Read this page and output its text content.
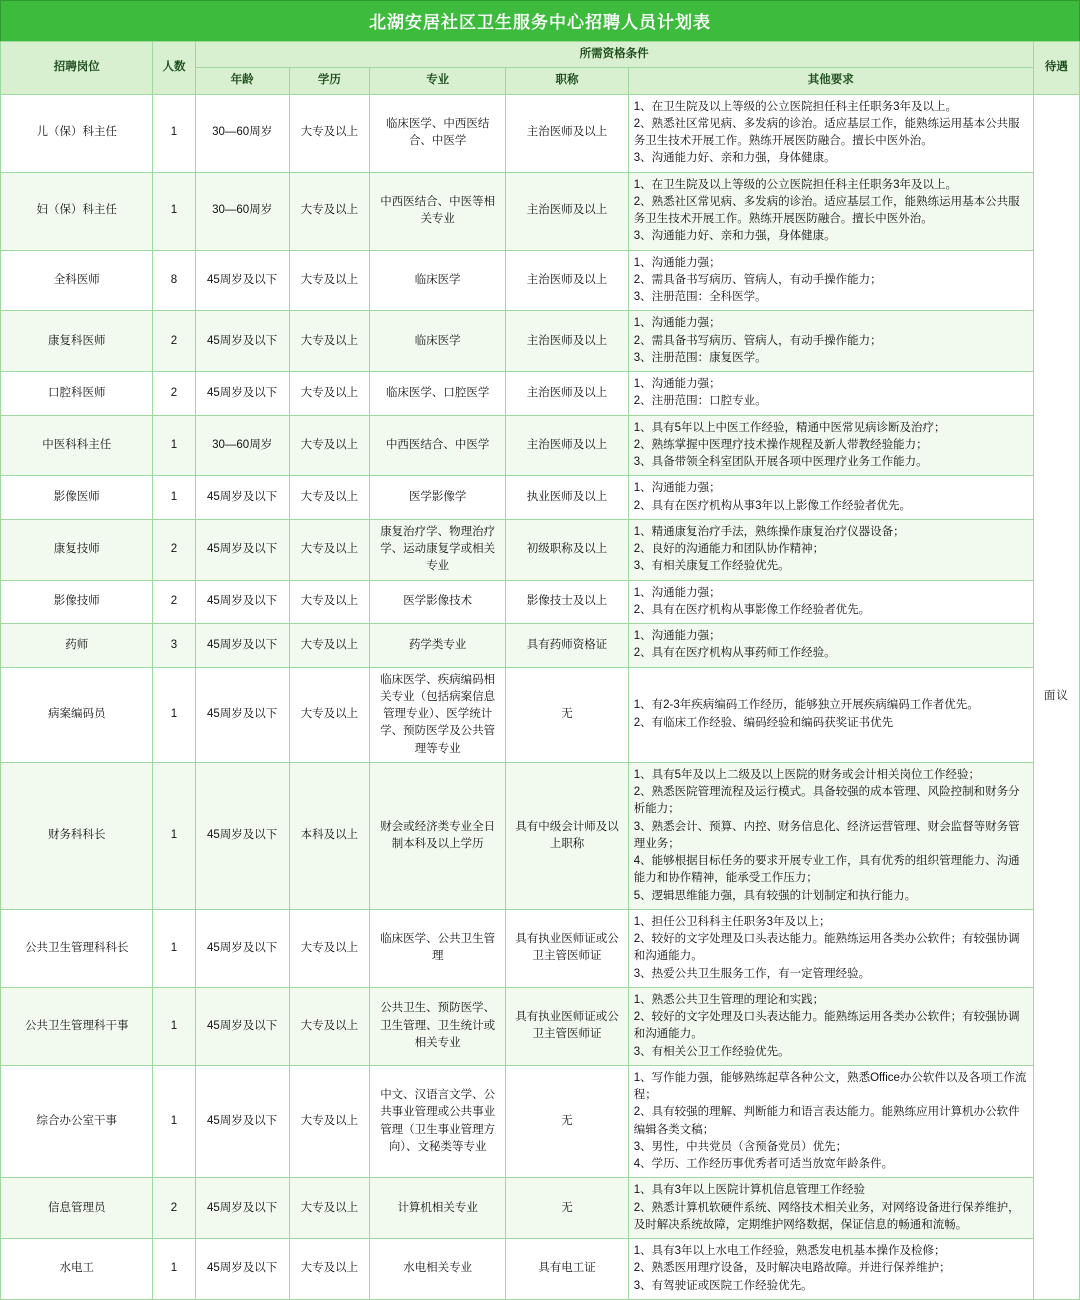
北湖安居社区卫生服务中心招聘人员计划表
招聘岗位	人数	所需资格条件					待遇
		年龄	学历	专业	职称	其他要求	
儿（保）科主任	1	30—60周岁	大专及以上	临床医学、中西医结合、中医学	主治医师及以上	1、在卫生院及以上等级的公立医院担任科主任职务3年及以上。
2、熟悉社区常见病、多发病的诊治。适应基层工作，能熟练运用基本公共服务卫生技术开展工作。熟练开展医防融合。擅长中医外治。
3、沟通能力好、亲和力强，身体健康。	面议
妇（保）科主任	1	30—60周岁	大专及以上	中西医结合、中医等相关专业	主治医师及以上	1、在卫生院及以上等级的公立医院担任科主任职务3年及以上。
2、熟悉社区常见病、多发病的诊治。适应基层工作，能熟练运用基本公共服务卫生技术开展工作。熟练开展医防融合。擅长中医外治。
3、沟通能力好、亲和力强，身体健康。	

全科医师	8	45周岁及以下	大专及以上	临床医学	主治医师及以上	1、沟通能力强；
2、需具备书写病历、管病人，有动手操作能力；
3、注册范围：全科医学。	

康复科医师	2	45周岁及以下	大专及以上	临床医学	主治医师及以上	1、沟通能力强；
2、需具备书写病历、管病人，有动手操作能力；
3、注册范围：康复医学。	

口腔科医师	2	45周岁及以下	大专及以上	临床医学、口腔医学	主治医师及以上	1、沟通能力强；
2、注册范围：口腔专业。	

中医科科主任	1	30—60周岁	大专及以上	中西医结合、中医学	主治医师及以上	1、具有5年以上中医工作经验，精通中医常见病诊断及治疗；
2、熟练掌握中医理疗技术操作规程及新人带教经验能力；
3、具备带领全科室团队开展各项中医理疗业务工作能力。	

影像医师	1	45周岁及以下	大专及以上	医学影像学	执业医师及以上	1、沟通能力强；
2、具有在医疗机构从事3年以上影像工作经验者优先。	

康复技师	2	45周岁及以下	大专及以上	康复治疗学、物理治疗学、运动康复学或相关专业	初级职称及以上	1、精通康复治疗手法，熟练操作康复治疗仪器设备；
2、良好的沟通能力和团队协作精神；
3、有相关康复工作经验优先。	

影像技师	2	45周岁及以下	大专及以上	医学影像技术	影像技士及以上	1、沟通能力强；
2、具有在医疗机构从事影像工作经验者优先。	

药师	3	45周岁及以下	大专及以上	药学类专业	具有药师资格证	1、沟通能力强；
2、具有在医疗机构从事药师工作经验。	

病案编码员	1	45周岁及以下	大专及以上	临床医学、疾病编码相关专业（包括病案信息管理专业）、医学统计学、预防医学及公共管理等专业	无	1、有2-3年疾病编码工作经历，能够独立开展疾病编码工作者优先。
2、有临床工作经验、编码经验和编码获奖证书优先	

财务科科长	1	45周岁及以下	本科及以上	财会或经济类专业全日制本科及以上学历	具有中级会计师及以上职称	1、具有5年及以上二级及以上医院的财务或会计相关岗位工作经验；
2、熟悉医院管理流程及运行模式。具备较强的成本管理、风险控制和财务分析能力；
3、熟悉会计、预算、内控、财务信息化、经济运营管理、财会监督等财务管理业务；
4、能够根据目标任务的要求开展专业工作，具有优秀的组织管理能力、沟通能力和协作精神，能承受工作压力；
5、逻辑思维能力强，具有较强的计划制定和执行能力。	

公共卫生管理科科长	1	45周岁及以下	大专及以上	临床医学、公共卫生管理	具有执业医师证或公卫主管医师证	1、担任公卫科科主任职务3年及以上；
2、较好的文字处理及口头表达能力。能熟练运用各类办公软件；有较强协调和沟通能力。
3、热爱公共卫生服务工作，有一定管理经验。	

公共卫生管理科干事	1	45周岁及以下	大专及以上	公共卫生、预防医学、卫生管理、卫生统计或相关专业	具有执业医师证或公卫主管医师证	1、熟悉公共卫生管理的理论和实践；
2、较好的文字处理及口头表达能力。能熟练运用各类办公软件；有较强协调和沟通能力。
3、有相关公卫工作经验优先。	

综合办公室干事	1	45周岁及以下	大专及以上	中文、汉语言文学、公共事业管理或公共事业管理（卫生事业管理方向）、文秘类等专业	无	1、写作能力强，能够熟练起草各种公文，熟悉Office办公软件以及各项工作流程；
2、具有较强的理解、判断能力和语言表达能力。能熟练应用计算机办公软件编辑各类文稿；
3、男性，中共党员（含预备党员）优先；
4、学历、工作经历事优秀者可适当放宽年龄条件。	

信息管理员	2	45周岁及以下	大专及以上	计算机相关专业	无	1、具有3年以上医院计算机信息管理工作经验
2、熟悉计算机软硬件系统、网络技术相关业务，对网络设备进行保养维护，及时解决系统故障，定期维护网络数据，保证信息的畅通和流畅。	

水电工	1	45周岁及以下	大专及以上	水电相关专业	具有电工证	1、具有3年以上水电工作经验，熟悉发电机基本操作及检修；
2、熟悉医用理疗设备，及时解决电路故障。并进行保养维护；
3、有驾驶证或医院工作经验优先。	
